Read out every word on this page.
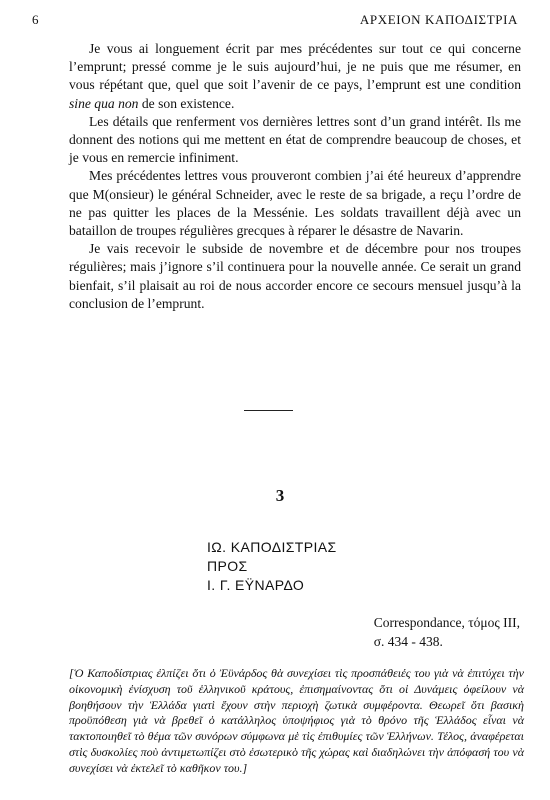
6	ΑΡΧΕΙΟΝ ΚΑΠΟΔΙΣΤΡΙΑ

Je vous ai longuement écrit par mes précédentes sur tout ce qui concerne l’emprunt; pressé comme je le suis aujourd’hui, je ne puis que me résumer, en vous répétant que, quel que soit l’avenir de ce pays, l’emprunt est une condition sine qua non de son existence.

Les détails que renferment vos dernières lettres sont d’un grand intérêt. Ils me donnent des notions qui me mettent en état de comprendre beaucoup de choses, et je vous en remercie infiniment.

Mes précédentes lettres vous prouveront combien j’ai été heureux d’apprendre que M(onsieur) le général Schneider, avec le reste de sa brigade, a reçu l’ordre de ne pas quitter les places de la Messénie. Les soldats travaillent déjà avec un bataillon de troupes régulières grecques à réparer le désastre de Navarin.

Je vais recevoir le subside de novembre et de décembre pour nos troupes régulières; mais j’ignore s’il continuera pour la nouvelle année. Ce serait un grand bienfait, s’il plaisait au roi de nous accorder encore ce secours mensuel jusqu’à la conclusion de l’emprunt.

3
ΙΩ. ΚΑΠΟΔΙΣΤΡΙΑΣ
ΠΡΟΣ
Ι. Γ. ΕΫΝΑΡΔΟ
Correspondance, τόμος III,
σ. 434 - 438.

[Ὁ Καποδίστριας ἐλπίζει ὅτι ὁ Ἐϋνάρδος θὰ συνεχίσει τὶς προσπάθειές του γιὰ νὰ ἐπιτύχει τὴν οἰκονομικὴ ἐνίσχυση τοῦ ἑλληνικοῦ κράτους, ἐπισημαίνοντας ὅτι οἱ Δυνάμεις ὀφείλουν νὰ βοηθήσουν τὴν Ἑλλάδα γιατὶ ἔχουν στὴν περιοχὴ ζωτικὰ συμφέροντα. Θεωρεῖ ὅτι βασικὴ προϋπόθεση γιὰ νὰ βρεθεῖ ὁ κατάλληλος ὑποψήφιος γιὰ τὸ θρόνο τῆς Ἑλλάδος εἶναι νὰ τακτοποιηθεῖ τὸ θέμα τῶν συνόρων σύμφωνα μὲ τὶς ἐπιθυμίες τῶν Ἑλλήνων. Τέλος, ἀναφέρεται στὶς δυσκολίες ποὺ ἀντιμετωπίζει στὸ ἐσωτερικὸ τῆς χώρας καὶ διαδηλώνει τὴν ἀπόφασή του νὰ συνεχίσει νὰ ἐκτελεῖ τὸ καθῆκον του.]
